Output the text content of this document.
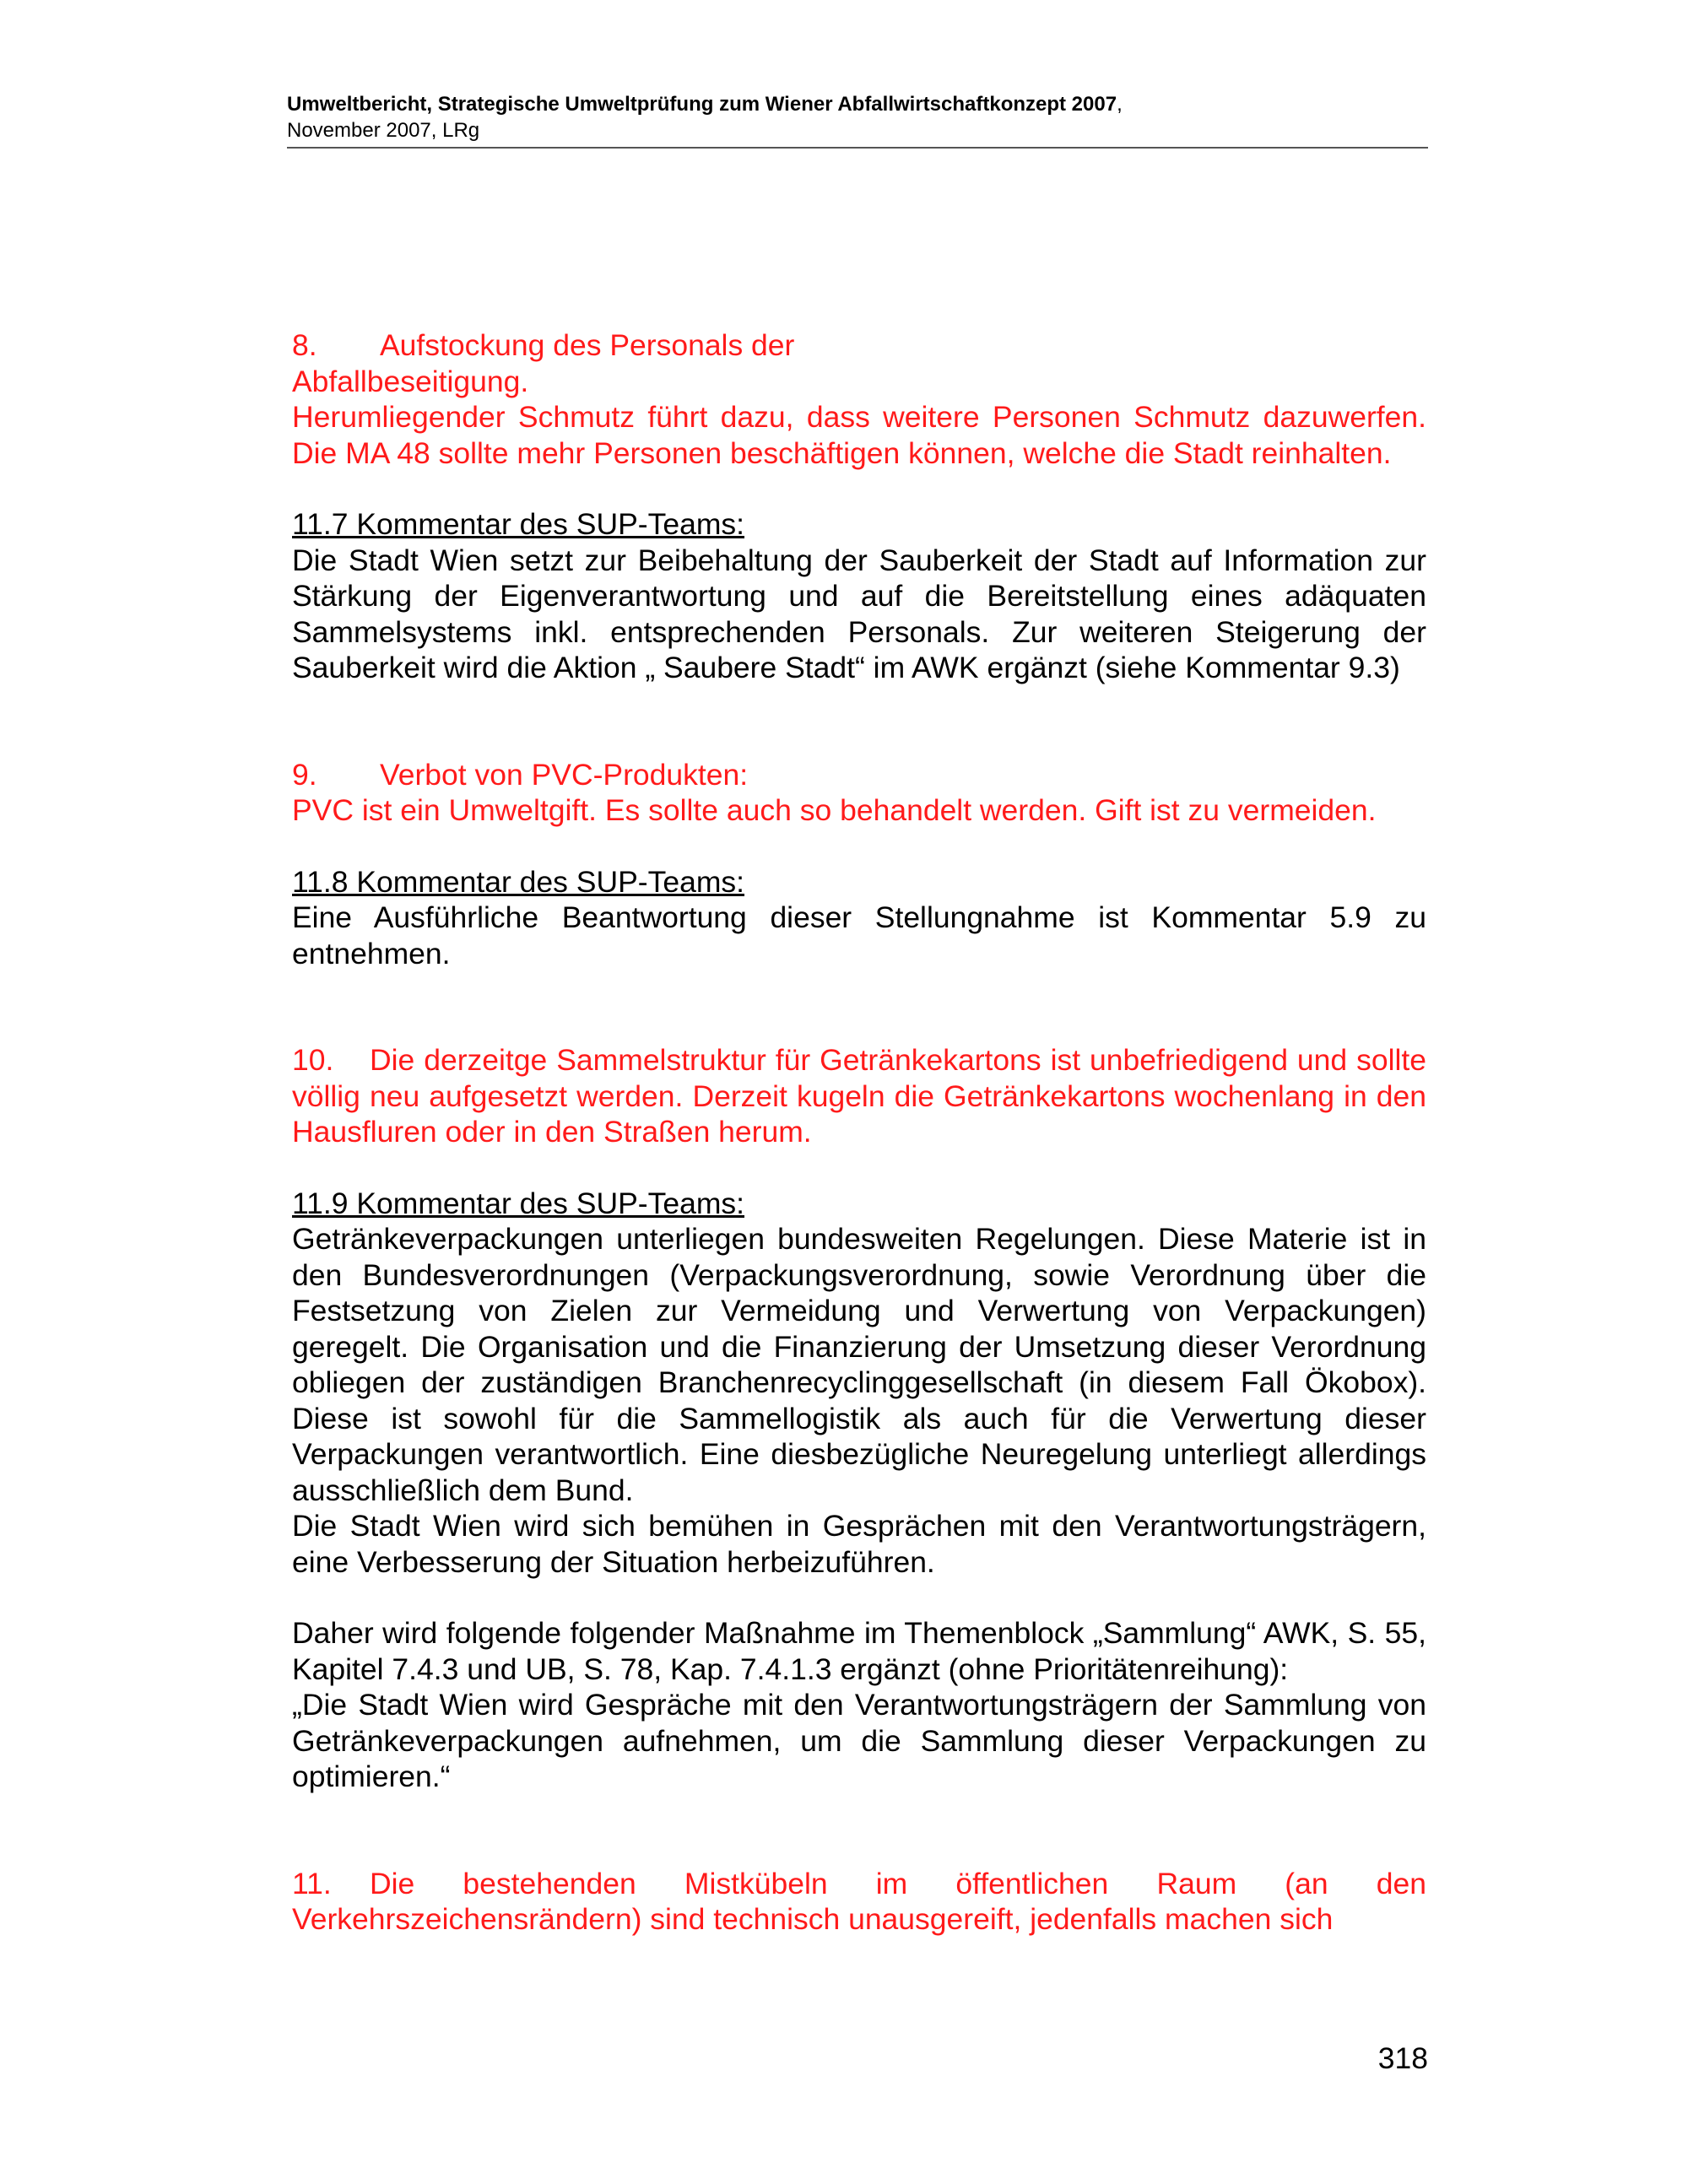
Umweltbericht, Strategische Umweltprüfung zum Wiener Abfallwirtschaftkonzept 2007,
November 2007, LRg

8. Aufstockung des Personals der

Abfallbeseitigung.

Herumliegender Schmutz führt dazu, dass weitere Personen Schmutz dazuwerfen. Die MA 48 sollte mehr Personen beschäftigen können, welche die Stadt reinhalten.

11.7 Kommentar des SUP-Teams:

Die Stadt Wien setzt zur Beibehaltung der Sauberkeit der Stadt auf Information zur Stärkung der Eigenverantwortung und auf die Bereitstellung eines adäquaten Sammelsystems inkl. entsprechenden Personals. Zur weiteren Steigerung der Sauberkeit wird die Aktion „ Saubere Stadt“ im AWK ergänzt (siehe Kommentar 9.3)

9. Verbot von PVC-Produkten:

PVC ist ein Umweltgift. Es sollte auch so behandelt werden. Gift ist zu vermeiden.

11.8 Kommentar des SUP-Teams:

Eine Ausführliche Beantwortung dieser Stellungnahme ist Kommentar 5.9 zu entnehmen.

10. Die derzeitge Sammelstruktur für Getränkekartons ist unbefriedigend und sollte völlig neu aufgesetzt werden. Derzeit kugeln die Getränkekartons wochenlang in den Hausfluren oder in den Straßen herum.

11.9 Kommentar des SUP-Teams:

Getränkeverpackungen unterliegen bundesweiten Regelungen. Diese Materie ist in den Bundesverordnungen (Verpackungsverordnung, sowie Verordnung über die Festsetzung von Zielen zur Vermeidung und Verwertung von Verpackungen) geregelt. Die Organisation und die Finanzierung der Umsetzung dieser Verordnung obliegen der zuständigen Branchenrecyclinggesellschaft (in diesem Fall Ökobox). Diese ist sowohl für die Sammellogistik als auch für die Verwertung dieser Verpackungen verantwortlich. Eine diesbezügliche Neuregelung unterliegt allerdings ausschließlich dem Bund.

Die Stadt Wien wird sich bemühen in Gesprächen mit den Verantwortungsträgern, eine Verbesserung der Situation herbeizuführen.

Daher wird folgende folgender Maßnahme im Themenblock „Sammlung“ AWK, S. 55, Kapitel 7.4.3 und UB, S. 78, Kap. 7.4.1.3 ergänzt (ohne Prioritätenreihung):

„Die Stadt Wien wird Gespräche mit den Verantwortungsträgern der Sammlung von Getränkeverpackungen aufnehmen, um die Sammlung dieser Verpackungen zu optimieren.“

11. Die bestehenden Mistkübeln im öffentlichen Raum (an den Verkehrszeichensrändern) sind technisch unausgereift, jedenfalls machen sich

318
